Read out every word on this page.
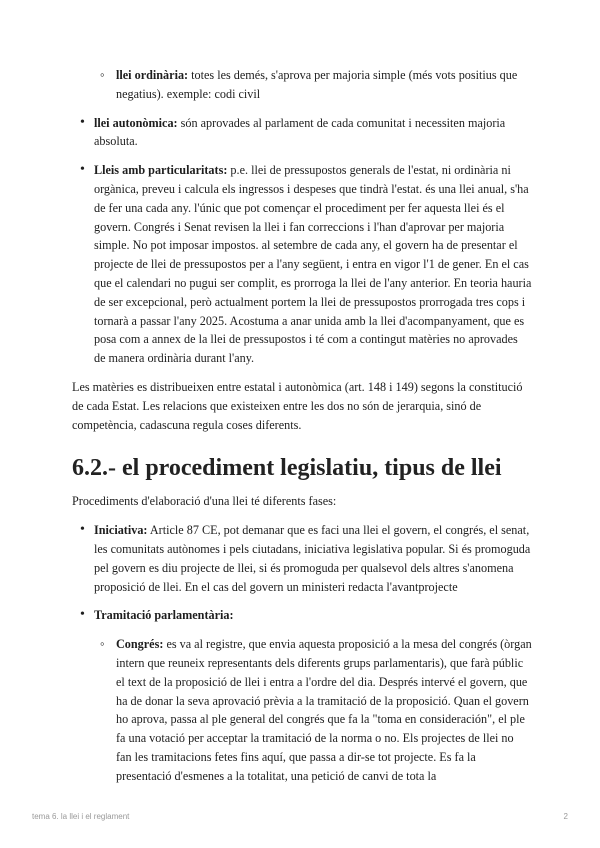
◦ llei ordinària: totes les demés, s'aprova per majoria simple (més vots positius que negatius). exemple: codi civil
• llei autonòmica: són aprovades al parlament de cada comunitat i necessiten majoria absoluta.
• Lleis amb particularitats: p.e. llei de pressupostos generals de l'estat, ni ordinària ni orgànica, preveu i calcula els ingressos i despeses que tindrà l'estat. és una llei anual, s'ha de fer una cada any. l'únic que pot començar el procediment per fer aquesta llei és el govern. Congrés i Senat revisen la llei i fan correccions i l'han d'aprovar per majoria simple. No pot imposar impostos. al setembre de cada any, el govern ha de presentar el projecte de llei de pressupostos per a l'any següent, i entra en vigor l'1 de gener. En el cas que el calendari no pugui ser complit, es prorroga la llei de l'any anterior. En teoria hauria de ser excepcional, però actualment portem la llei de pressupostos prorrogada tres cops i tornarà a passar l'any 2025. Acostuma a anar unida amb la llei d'acompanyament, que es posa com a annex de la llei de pressupostos i té com a contingut matèries no aprovades de manera ordinària durant l'any.

Les matèries es distribueixen entre estatal i autonòmica (art. 148 i 149) segons la constitució de cada Estat. Les relacions que existeixen entre les dos no són de jerarquia, sinó de competència, cadascuna regula coses diferents.

6.2.- el procediment legislatiu, tipus de llei

Procediments d'elaboració d'una llei té diferents fases:

• Iniciativa: Article 87 CE, pot demanar que es faci una llei el govern, el congrés, el senat, les comunitats autònomes i pels ciutadans, iniciativa legislativa popular. Si és promoguda pel govern es diu projecte de llei, si és promoguda per qualsevol dels altres s'anomena proposició de llei. En el cas del govern un ministeri redacta l'avantprojecte
• Tramitació parlamentària:
◦ Congrés: es va al registre, que envia aquesta proposició a la mesa del congrés (òrgan intern que reuneix representants dels diferents grups parlamentaris), que farà públic el text de la proposició de llei i entra a l'ordre del dia. Després intervé el govern, que ha de donar la seva aprovació prèvia a la tramitació de la proposició. Quan el govern ho aprova, passa al ple general del congrés que fa la "toma en consideración", el ple fa una votació per acceptar la tramitació de la norma o no. Els projectes de llei no fan les tramitacions fetes fins aquí, que passa a dir-se tot projecte. Es fa la presentació d'esmenes a la totalitat, una petició de canvi de tota la
tema 6. la llei i el reglament	2
